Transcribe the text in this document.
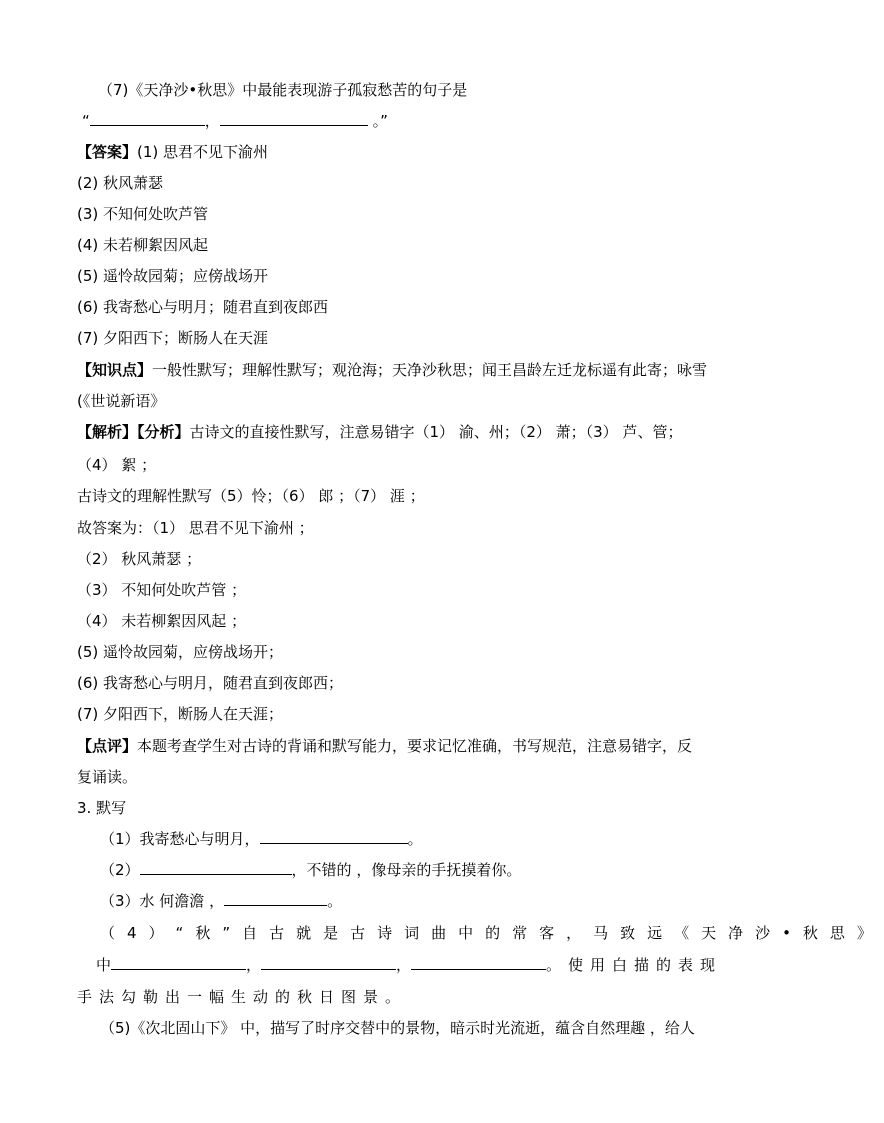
（7)《天净沙•秋思》中最能表现游子孤寂愁苦的句子是
“	，	。”
【答案】(1) 思君不见下渝州
(2) 秋风萧瑟
(3) 不知何处吹芦管
(4) 未若柳絮因风起
(5) 遥怜故园菊；应傍战场开
(6) 我寄愁心与明月；随君直到夜郎西
(7) 夕阳西下；断肠人在天涯
【知识点】一般性默写；理解性默写；观沧海；天净沙秋思；闻王昌龄左迁龙标遥有此寄；咏雪
(《世说新语》
【解析】【分析】古诗文的直接性默写，注意易错字（1） 渝、州；（2） 萧；（3） 芦、管；
（4） 絮 ；
古诗文的理解性默写（5）怜；（6） 郎 ；（7） 涯 ；
故答案为：（1） 思君不见下渝州 ；
（2） 秋风萧瑟 ；
（3） 不知何处吹芦管 ；
（4） 未若柳絮因风起 ；
(5) 遥怜故园菊，应傍战场开；
(6) 我寄愁心与明月，随君直到夜郎西；
(7) 夕阳西下，断肠人在天涯；
【点评】本题考查学生对古诗的背诵和默写能力，要求记忆准确，书写规范，注意易错字，反
复诵读。
3. 默写
（1）我寄愁心与明月，	。
（2）	，不错的 ，像母亲的手抚摸着你。
（3）水 何澹澹 ，	。
（4）“秋”自古就是古诗词曲中的常客，马致远《天净沙•秋思》
中	，	，	。使用白描的表现
手法勾勒出一幅生动的秋日图景。
（5)《次北固山下》 中，描写了时序交替中的景物，暗示时光流逝，蕴含自然理趣 ，给人
